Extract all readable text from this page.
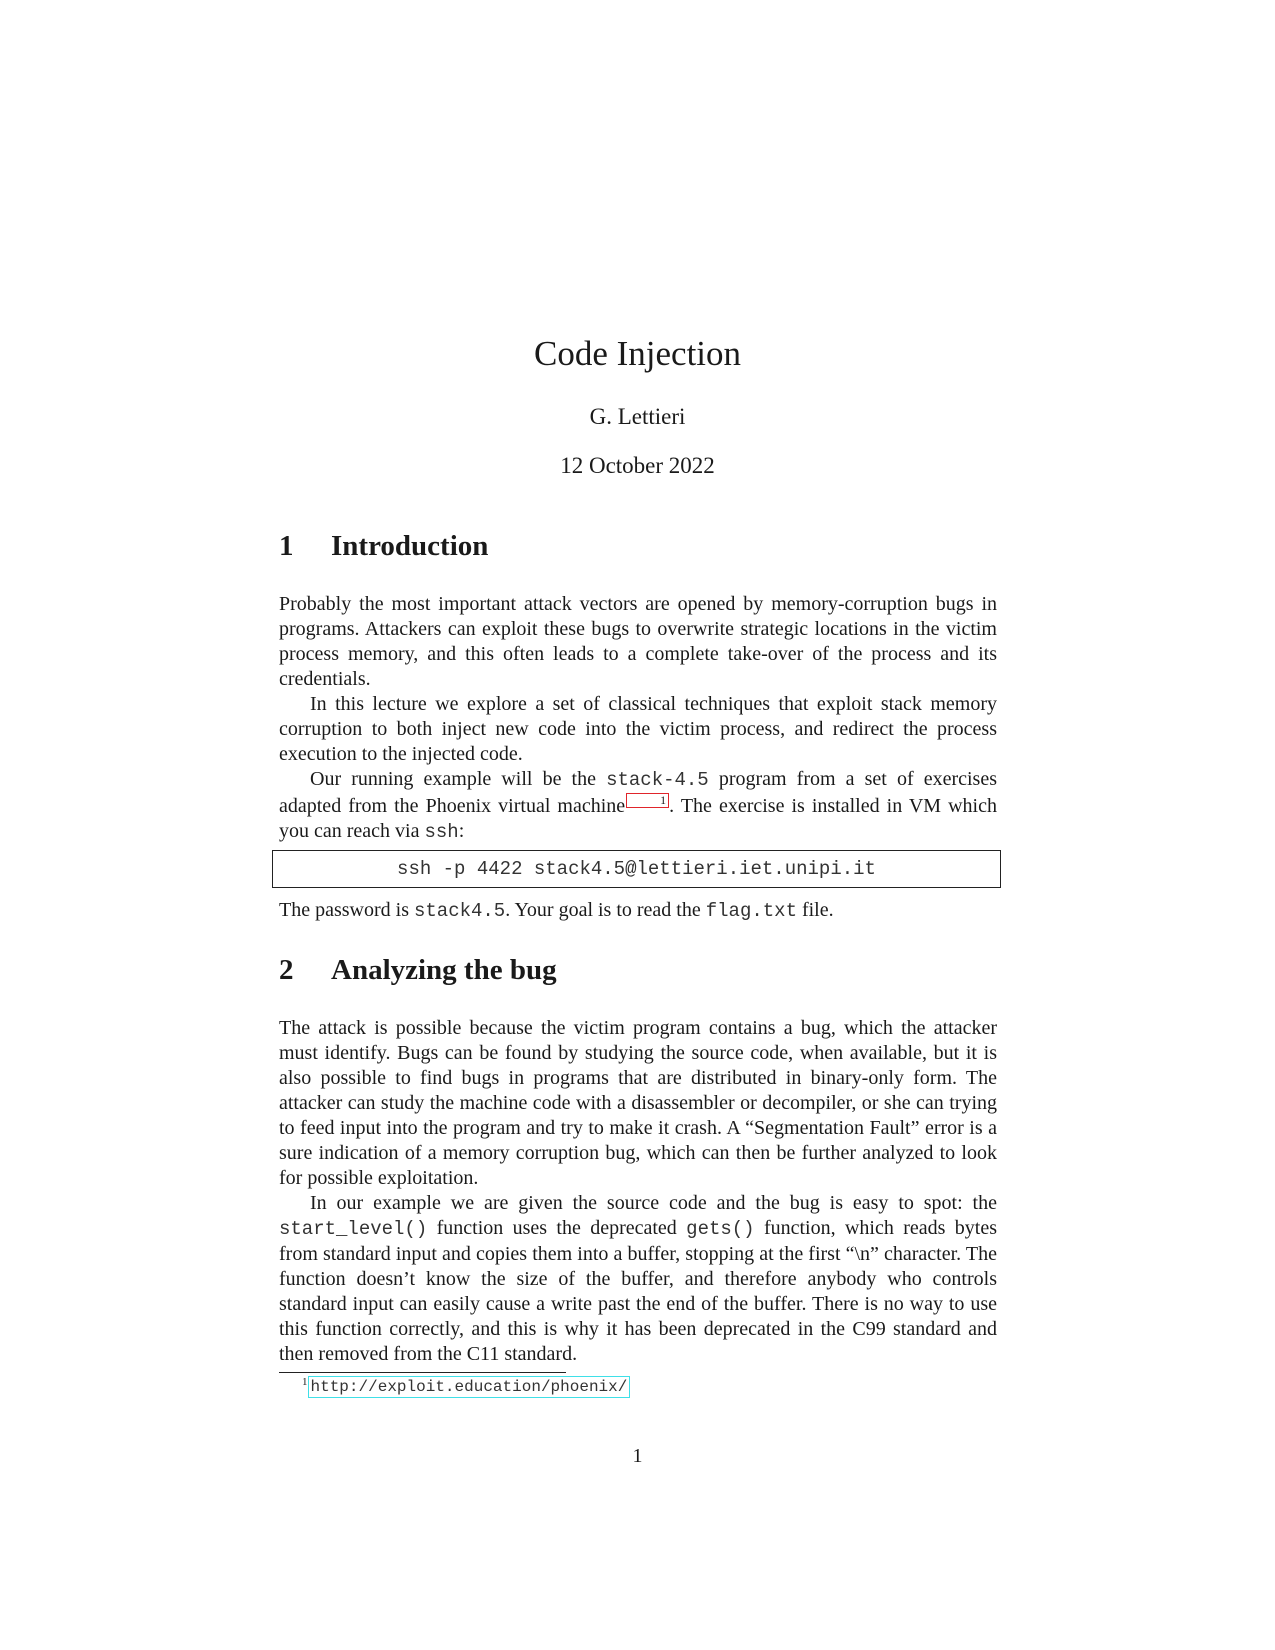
Code Injection
G. Lettieri
12 October 2022
1 Introduction

Probably the most important attack vectors are opened by memory-corruption bugs in programs. Attackers can exploit these bugs to overwrite strategic locations in the victim process memory, and this often leads to a complete take-over of the process and its credentials.

In this lecture we explore a set of classical techniques that exploit stack memory corruption to both inject new code into the victim process, and redirect the process execution to the injected code.

Our running example will be the stack-4.5 program from a set of exercises adapted from the Phoenix virtual machine	1 . The exercise is installed in VM which you can reach via ssh:

ssh -p 4422 stack4.5@lettieri.iet.unipi.it

The password is stack4.5. Your goal is to read the flag.txt file.

2 Analyzing the bug

The attack is possible because the victim program contains a bug, which the attacker must identify. Bugs can be found by studying the source code, when available, but it is also possible to find bugs in programs that are distributed in binary-only form. The attacker can study the machine code with a disassembler or decompiler, or she can trying to feed input into the program and try to make it crash. A “Segmentation Fault” error is a sure indication of a memory corruption bug, which can then be further analyzed to look for possible exploitation.

In our example we are given the source code and the bug is easy to spot: the start_level() function uses the deprecated gets() function, which reads bytes from standard input and copies them into a buffer, stopping at the first “\n” character. The function doesn’t know the size of the buffer, and therefore anybody who controls standard input can easily cause a write past the end of the buffer. There is no way to use this function correctly, and this is why it has been deprecated in the C99 standard and then removed from the C11 standard.

$^1$ http://exploit.education/phoenix/
1
